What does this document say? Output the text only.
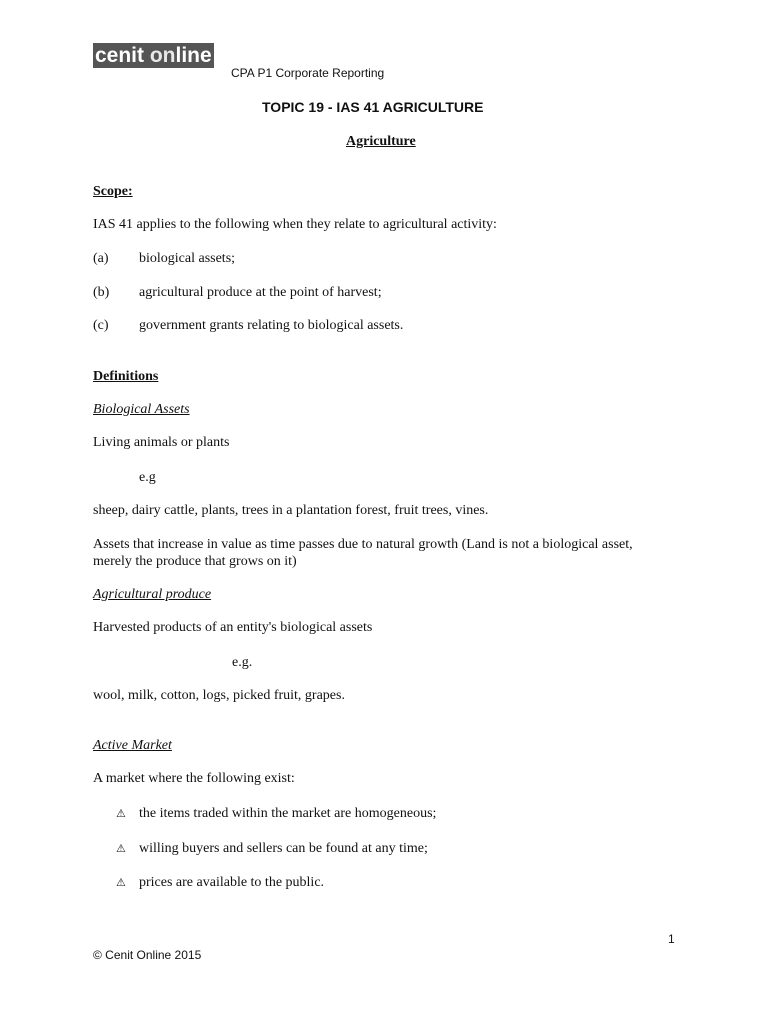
cenit online
CPA P1 Corporate Reporting
TOPIC 19 - IAS 41 AGRICULTURE
Agriculture
Scope:
IAS 41 applies to the following when they relate to agricultural activity:
(a) biological assets;
(b) agricultural produce at the point of harvest;
(c) government grants relating to biological assets.
Definitions
Biological Assets
Living animals or plants
e.g
sheep, dairy cattle, plants, trees in a plantation forest, fruit trees, vines.
Assets that increase in value as time passes due to natural growth (Land is not a biological asset, merely the produce that grows on it)
Agricultural produce
Harvested products of an entity's biological assets
e.g.
wool, milk, cotton, logs, picked fruit, grapes.
Active Market
A market where the following exist:
⚠︎ the items traded within the market are homogeneous;
⚠︎ willing buyers and sellers can be found at any time;
⚠︎ prices are available to the public.
1
© Cenit Online 2015
